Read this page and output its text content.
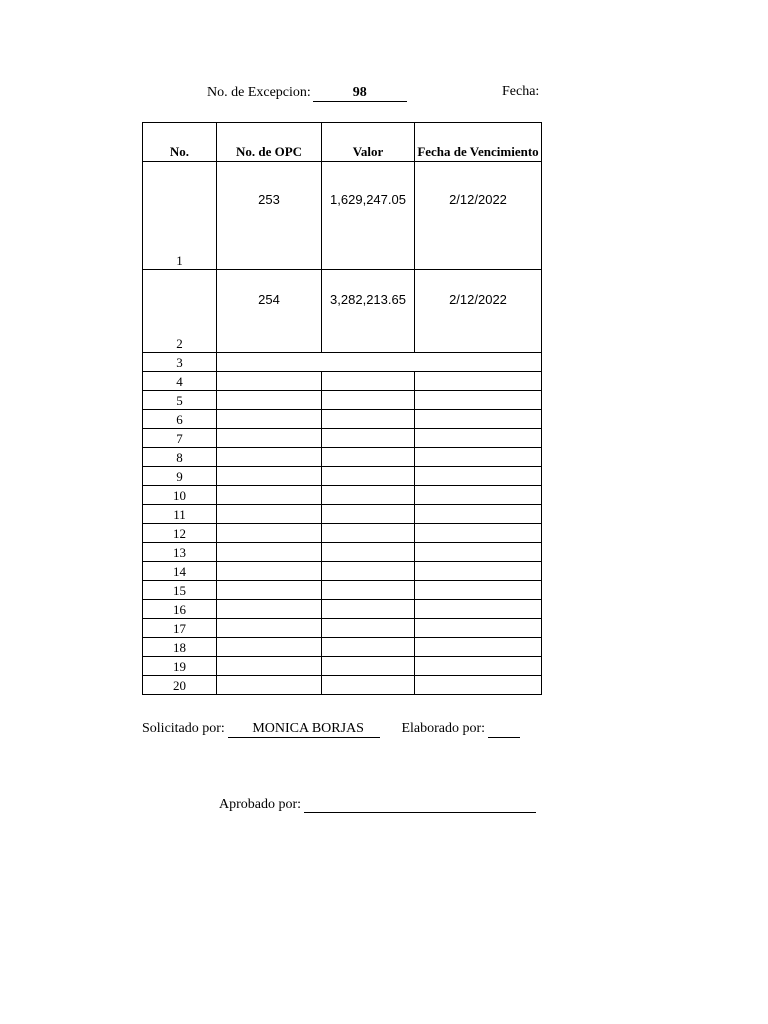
No. de Excepcion:	98	Fecha:
No.	No. de OPC	Valor	Fecha de Vencimiento
1	253	1,629,247.05	2/12/2022
2	254	3,282,213.65	2/12/2022
3			
4			
5			
6			
7			
8			
9			
10			
11			
12			
13			
14			
15			
16			
17			
18			
19			
20			
Solicitado por: MONICA BORJAS	Elaborado por:
Aprobado por:
